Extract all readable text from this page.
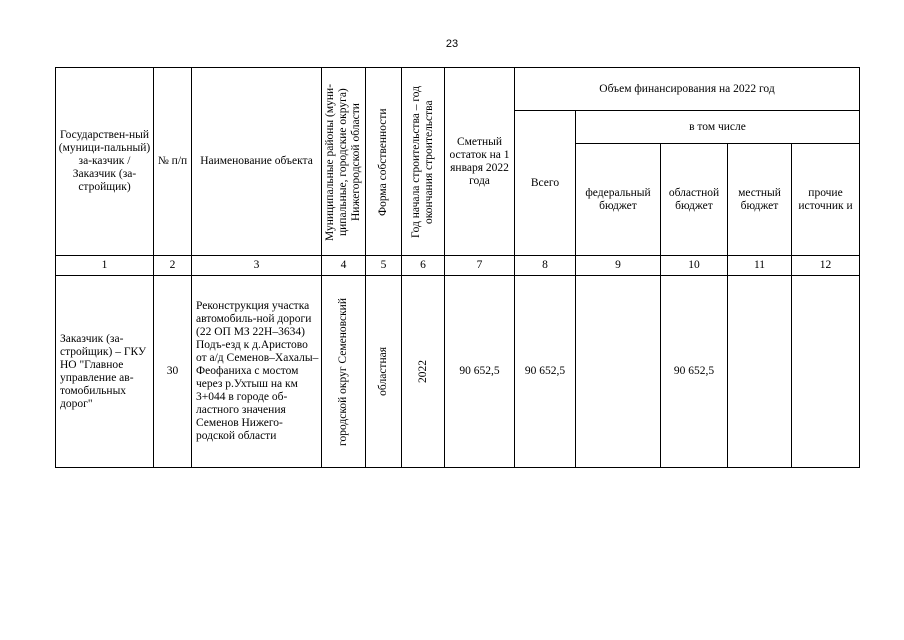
23
Государствен-ный (муници-пальный) за-казчик / Заказчик (за-стройщик)	№ п/п	Наименование объекта	Муниципальные районы (муни-ципальные, городские округа) Нижегородской области	Форма собственности	Год начала строительства – год окончания строительства	Сметный остаток на 1 января 2022 года	Объем финансирования на 2022 год				
							Всего	в том числе			
								федеральный бюджет	областной бюджет	местный бюджет	прочие источник и
1	2	3	4	5	6	7	8	9	10	11	12
Заказчик (за-стройщик) – ГКУ НО "Главное управление ав-томобильных дорог"	30	Реконструкция участка автомобиль-ной дороги (22 ОП МЗ 22Н–3634) Подъ-езд к д.Аристово от а/д Семенов–Хахалы–Феофаниха с мостом через р.Ухтыш на км 3+044 в городе об-ластного значения Семенов Нижего-родской области	городской округ Семеновский	областная	2022	90 652,5	90 652,5		90 652,5		
